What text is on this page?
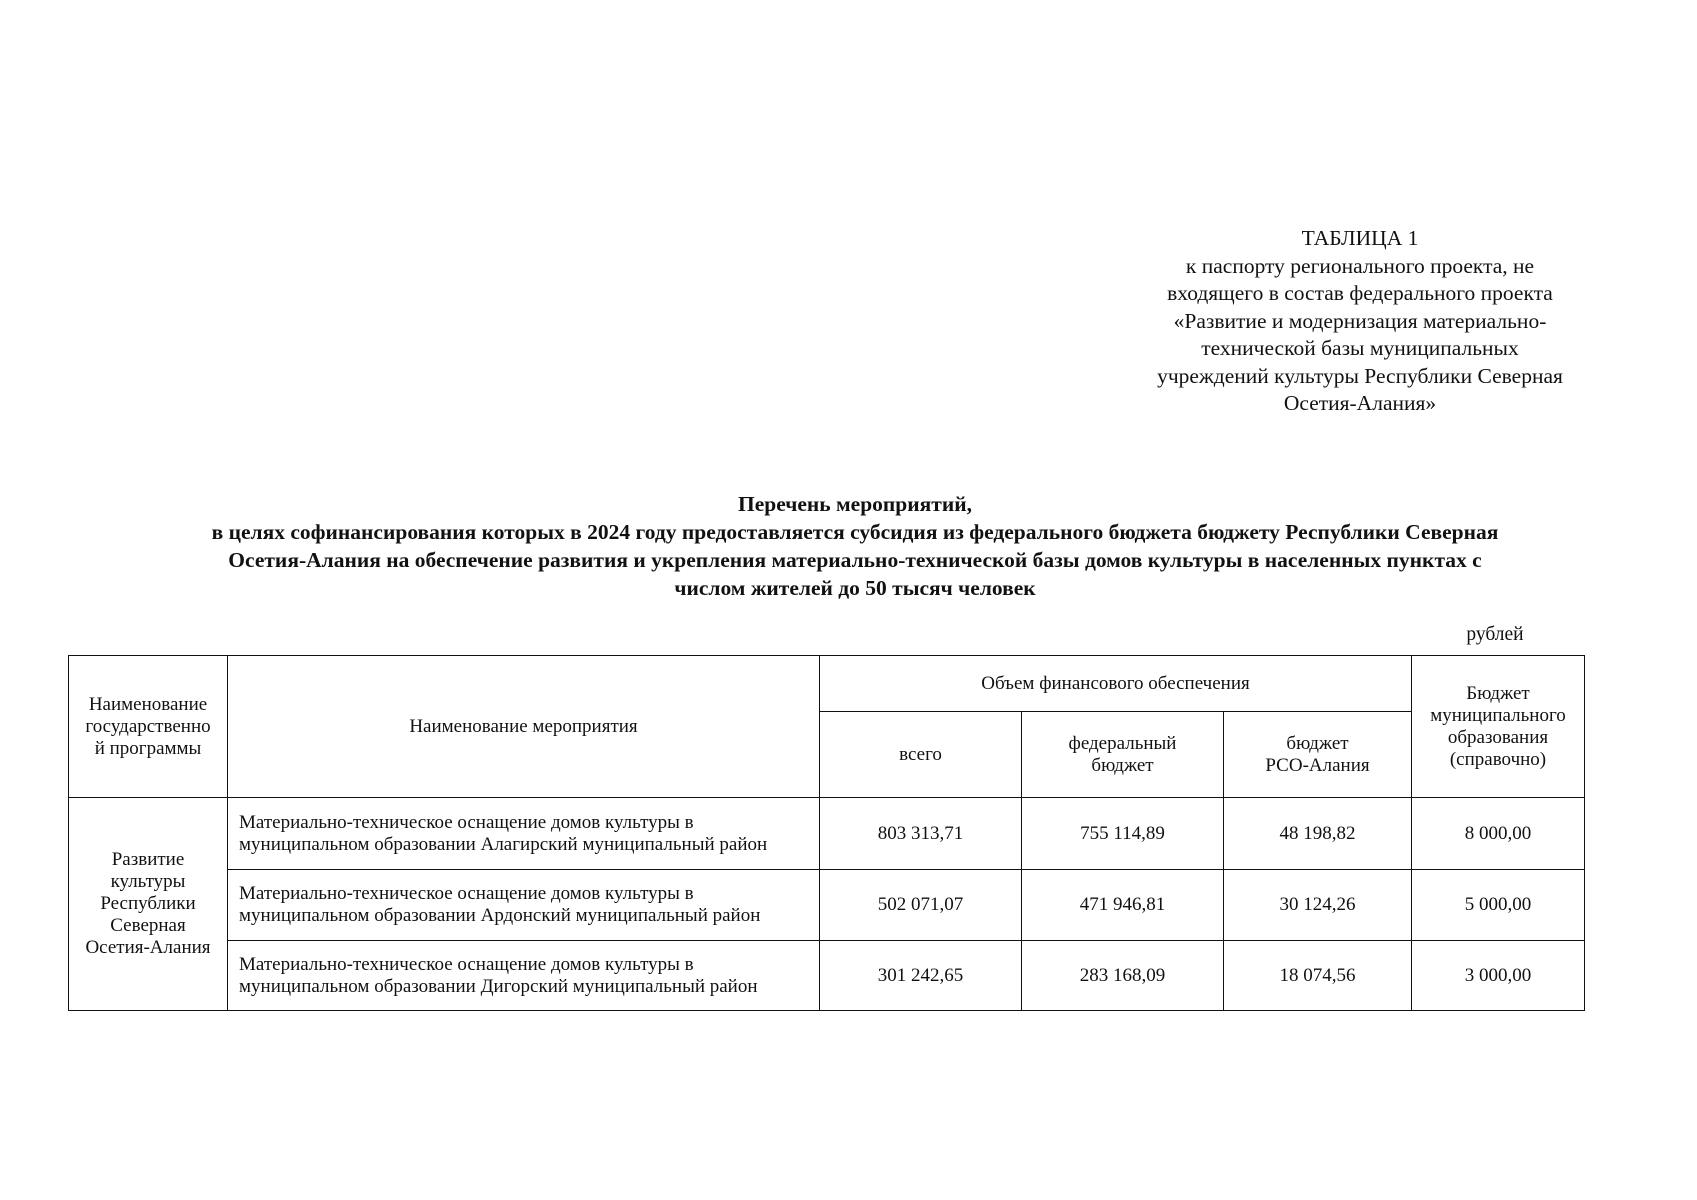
ТАБЛИЦА 1
к паспорту регионального проекта, не
входящего в состав федерального проекта
«Развитие и модернизация материально-
технической базы муниципальных
учреждений культуры Республики Северная
Осетия-Алания»
Перечень мероприятий,
в целях софинансирования которых в 2024 году предоставляется субсидия из федерального бюджета бюджету Республики Северная
Осетия-Алания на обеспечение развития и укрепления материально-технической базы домов культуры в населенных пунктах с
числом жителей до 50 тысяч человек
рублей
Наименование
государственно
й программы	Наименование мероприятия	Объем финансового обеспечения			Бюджет
муниципального
образования
(справочно)

		всего	федеральный
бюджет	бюджет
РСО-Алания	

Развитие
культуры
Республики
Северная
Осетия-Алания	Материально-техническое оснащение домов культуры в
муниципальном образовании Алагирский муниципальный район	803 313,71	755 114,89	48 198,82	8 000,00

	Материально-техническое оснащение домов культуры в
муниципальном образовании Ардонский муниципальный район	502 071,07	471 946,81	30 124,26	5 000,00

	Материально-техническое оснащение домов культуры в
муниципальном образовании Дигорский муниципальный район	301 242,65	283 168,09	18 074,56	3 000,00
